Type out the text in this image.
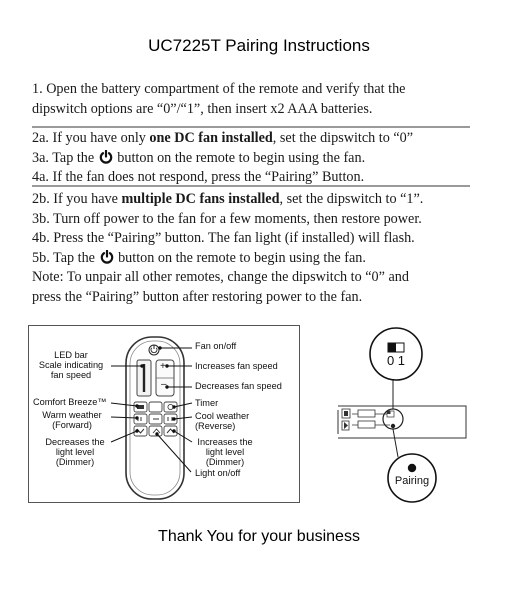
UC7225T Pairing Instructions
1. Open the battery compartment of the remote and verify that the
dipswitch options are “0”/“1”, then insert x2 AAA batteries.
2a. If you have only one DC fan installed, set the dipswitch to “0”
3a. Tap the  button on the remote to begin using the fan.
4a. If the fan does not respond, press the “Pairing” Button.
2b. If you have multiple DC fans installed, set the dipswitch to “1”.
3b. Turn off power to the fan for a few moments, then restore power.
4b. Press the “Pairing” button. The fan light (if installed) will flash.
5b. Tap the  button on the remote to begin using the fan.
Note: To unpair all other remotes, change the dipswitch to “0” and
press the “Pairing” button after restoring power to the fan.
+
–
Fan on/off
Increases fan speed
Decreases fan speed
Timer
Cool weather
(Reverse)
Increases the
light level
(Dimmer)
Light on/off
LED bar
Scale indicating
fan speed
Comfort Breeze™
Warm weather
(Forward)
Decreases the
light level
(Dimmer)
0 1
Pairing
Thank You for your business
